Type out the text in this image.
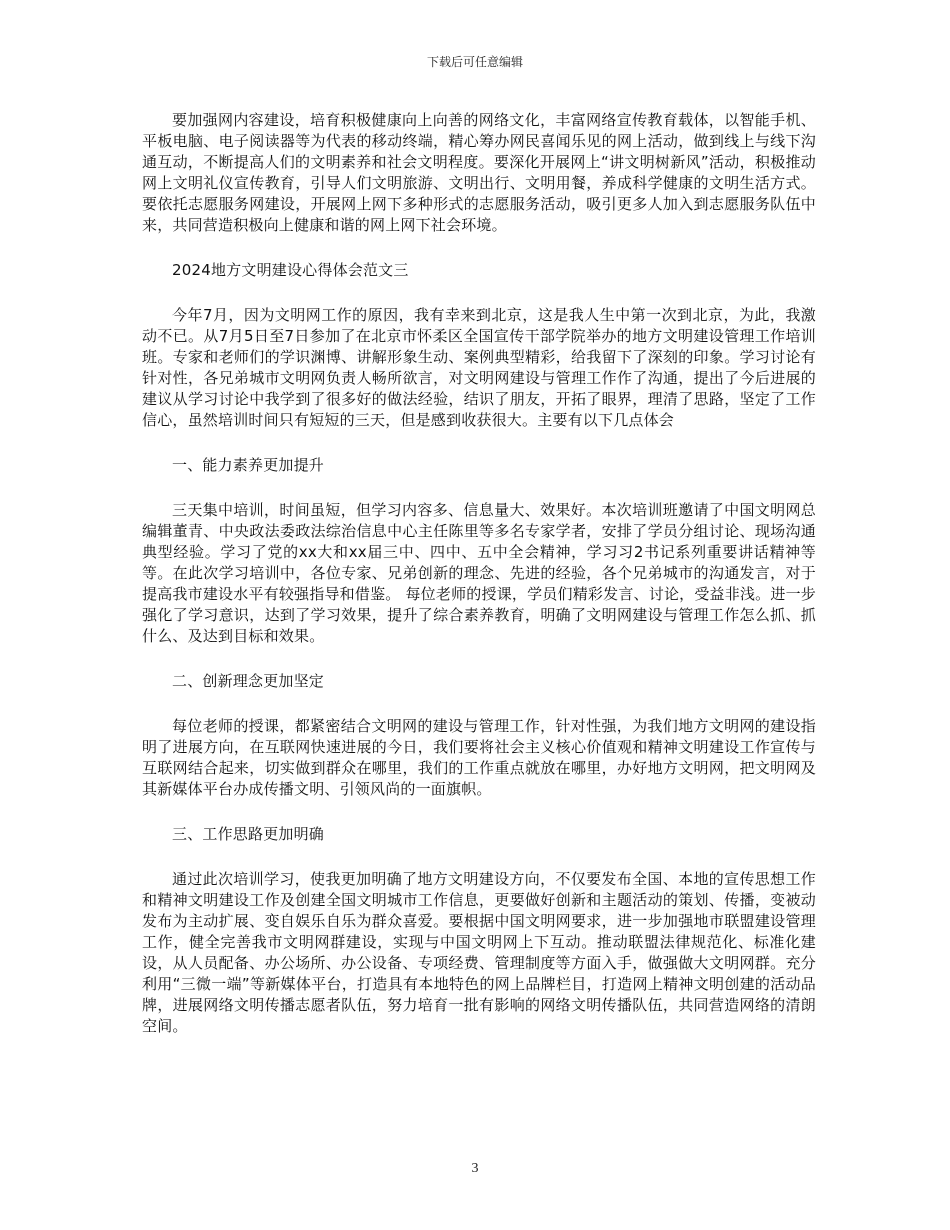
下载后可任意编辑

要加强网内容建设，培育积极健康向上向善的网络文化，丰富网络宣传教育载体，以智能手机、平板电脑、电子阅读器等为代表的移动终端，精心筹办网民喜闻乐见的网上活动，做到线上与线下沟通互动，不断提高人们的文明素养和社会文明程度。要深化开展网上“讲文明树新风”活动，积极推动网上文明礼仪宣传教育，引导人们文明旅游、文明出行、文明用餐，养成科学健康的文明生活方式。要依托志愿服务网建设，开展网上网下多种形式的志愿服务活动，吸引更多人加入到志愿服务队伍中来，共同营造积极向上健康和谐的网上网下社会环境。

2024地方文明建设心得体会范文三

今年7月，因为文明网工作的原因，我有幸来到北京，这是我人生中第一次到北京，为此，我激动不已。从7月5日至7日参加了在北京市怀柔区全国宣传干部学院举办的地方文明建设管理工作培训班。专家和老师们的学识渊博、讲解形象生动、案例典型精彩，给我留下了深刻的印象。学习讨论有针对性，各兄弟城市文明网负责人畅所欲言，对文明网建设与管理工作作了沟通，提出了今后进展的建议从学习讨论中我学到了很多好的做法经验，结识了朋友，开拓了眼界，理清了思路，坚定了工作信心，虽然培训时间只有短短的三天，但是感到收获很大。主要有以下几点体会

一、能力素养更加提升

三天集中培训，时间虽短，但学习内容多、信息量大、效果好。本次培训班邀请了中国文明网总编辑董青、中央政法委政法综治信息中心主任陈里等多名专家学者，安排了学员分组讨论、现场沟通典型经验。学习了党的xx大和xx届三中、四中、五中全会精神，学习习2书记系列重要讲话精神等等。在此次学习培训中，各位专家、兄弟创新的理念、先进的经验，各个兄弟城市的沟通发言，对于提高我市建设水平有较强指导和借鉴。 每位老师的授课，学员们精彩发言、讨论，受益非浅。进一步强化了学习意识，达到了学习效果，提升了综合素养教育，明确了文明网建设与管理工作怎么抓、抓什么、及达到目标和效果。

二、创新理念更加坚定

每位老师的授课，都紧密结合文明网的建设与管理工作，针对性强，为我们地方文明网的建设指明了进展方向，在互联网快速进展的今日，我们要将社会主义核心价值观和精神文明建设工作宣传与互联网结合起来，切实做到群众在哪里，我们的工作重点就放在哪里，办好地方文明网，把文明网及其新媒体平台办成传播文明、引领风尚的一面旗帜。

三、工作思路更加明确

通过此次培训学习，使我更加明确了地方文明建设方向，不仅要发布全国、本地的宣传思想工作和精神文明建设工作及创建全国文明城市工作信息，更要做好创新和主题活动的策划、传播，变被动发布为主动扩展、变自娱乐自乐为群众喜爱。要根据中国文明网要求，进一步加强地市联盟建设管理工作，健全完善我市文明网群建设，实现与中国文明网上下互动。推动联盟法律规范化、标准化建设，从人员配备、办公场所、办公设备、专项经费、管理制度等方面入手，做强做大文明网群。充分利用“三微一端”等新媒体平台，打造具有本地特色的网上品牌栏目，打造网上精神文明创建的活动品牌，进展网络文明传播志愿者队伍，努力培育一批有影响的网络文明传播队伍，共同营造网络的清朗空间。

3
